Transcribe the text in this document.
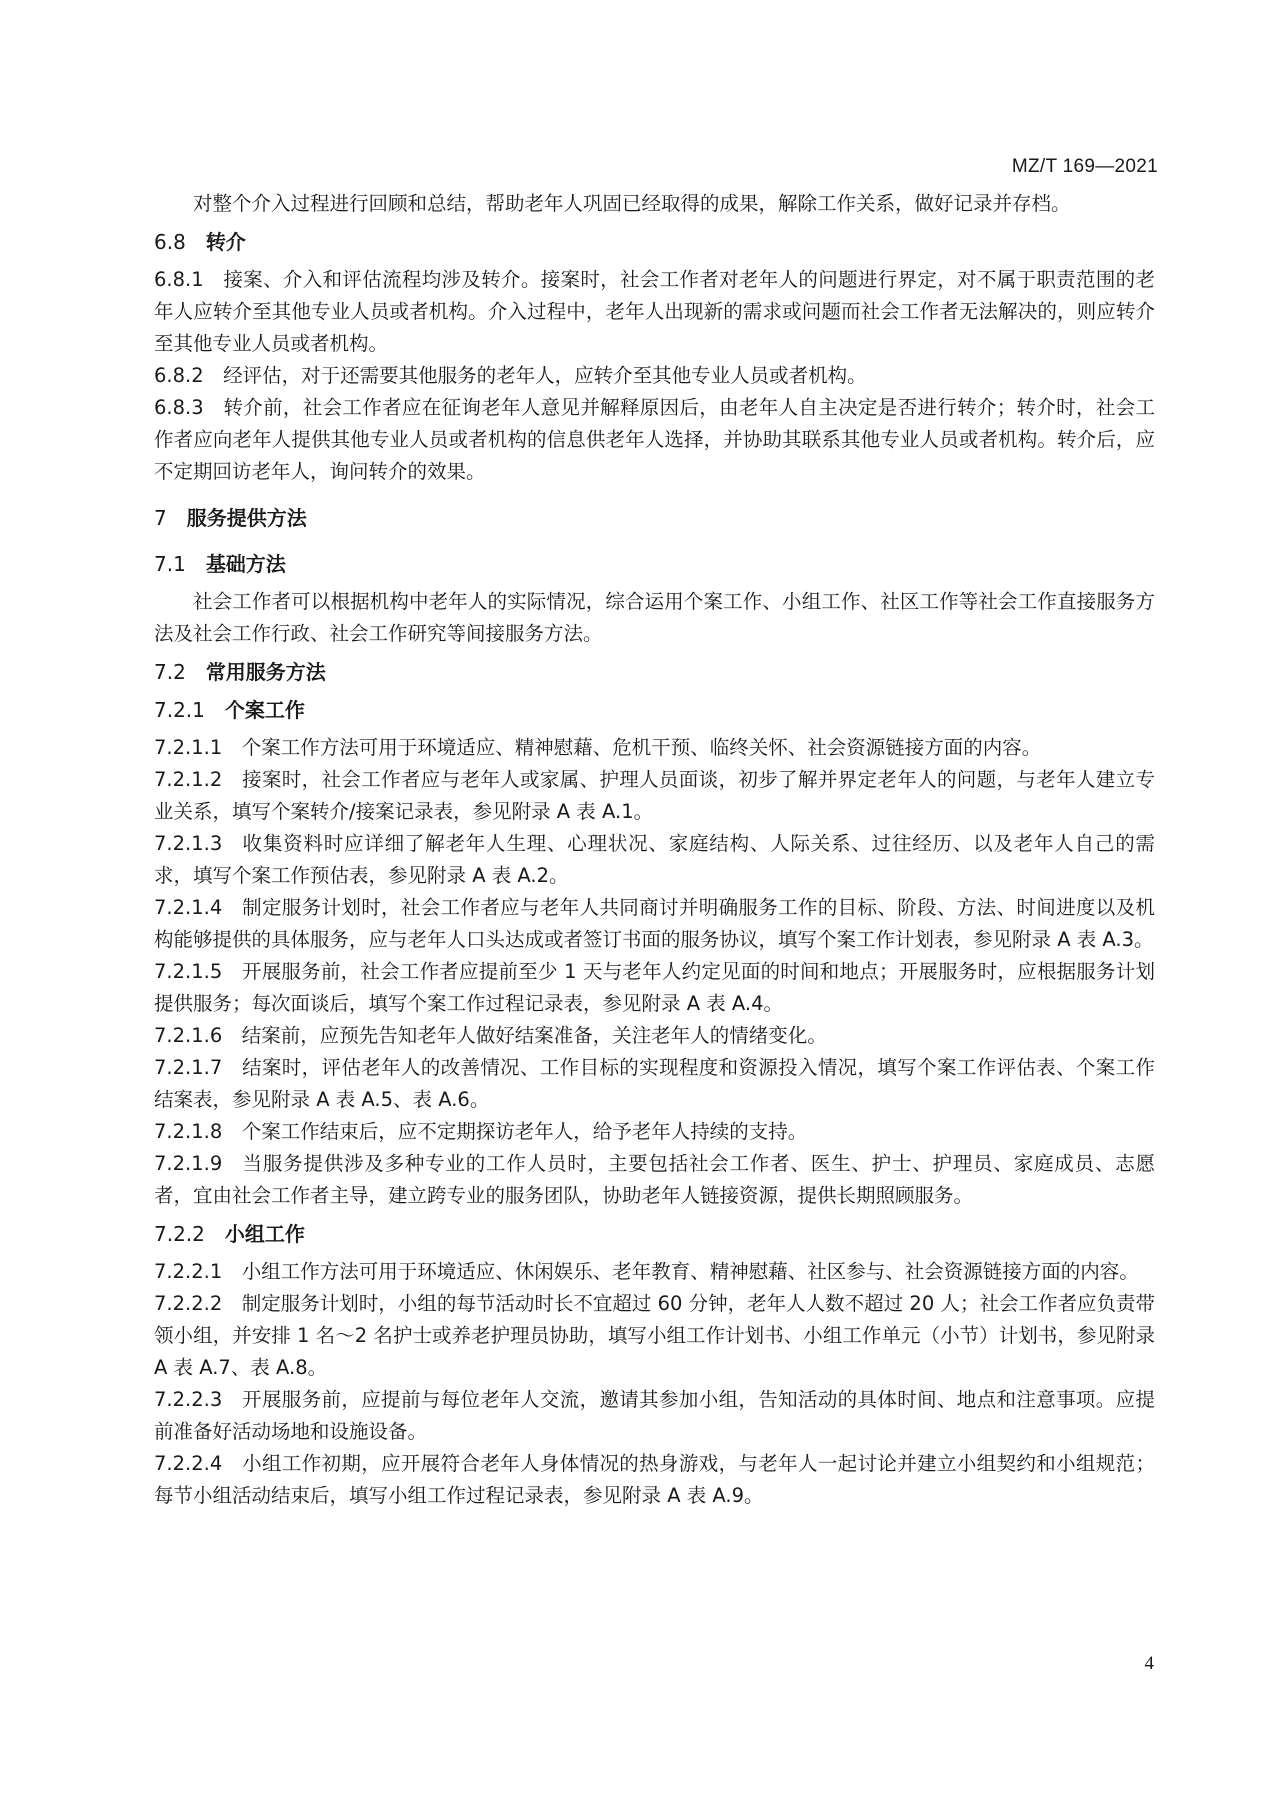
MZ/T 169—2021

对整个介入过程进行回顾和总结，帮助老年人巩固已经取得的成果，解除工作关系，做好记录并存档。

6.8  转介

6.8.1  接案、介入和评估流程均涉及转介。接案时，社会工作者对老年人的问题进行界定，对不属于职责范围的老年人应转介至其他专业人员或者机构。介入过程中，老年人出现新的需求或问题而社会工作者无法解决的，则应转介至其他专业人员或者机构。

6.8.2  经评估，对于还需要其他服务的老年人，应转介至其他专业人员或者机构。

6.8.3  转介前，社会工作者应在征询老年人意见并解释原因后，由老年人自主决定是否进行转介；转介时，社会工作者应向老年人提供其他专业人员或者机构的信息供老年人选择，并协助其联系其他专业人员或者机构。转介后，应不定期回访老年人，询问转介的效果。

7  服务提供方法

7.1  基础方法

社会工作者可以根据机构中老年人的实际情况，综合运用个案工作、小组工作、社区工作等社会工作直接服务方法及社会工作行政、社会工作研究等间接服务方法。

7.2  常用服务方法

7.2.1  个案工作

7.2.1.1  个案工作方法可用于环境适应、精神慰藉、危机干预、临终关怀、社会资源链接方面的内容。

7.2.1.2  接案时，社会工作者应与老年人或家属、护理人员面谈，初步了解并界定老年人的问题，与老年人建立专业关系，填写个案转介/接案记录表，参见附录 A 表 A.1。

7.2.1.3  收集资料时应详细了解老年人生理、心理状况、家庭结构、人际关系、过往经历、以及老年人自己的需求，填写个案工作预估表，参见附录 A 表 A.2。

7.2.1.4  制定服务计划时，社会工作者应与老年人共同商讨并明确服务工作的目标、阶段、方法、时间进度以及机构能够提供的具体服务，应与老年人口头达成或者签订书面的服务协议，填写个案工作计划表，参见附录 A 表 A.3。

7.2.1.5  开展服务前，社会工作者应提前至少 1 天与老年人约定见面的时间和地点；开展服务时，应根据服务计划提供服务；每次面谈后，填写个案工作过程记录表，参见附录 A 表 A.4。

7.2.1.6  结案前，应预先告知老年人做好结案准备，关注老年人的情绪变化。

7.2.1.7  结案时，评估老年人的改善情况、工作目标的实现程度和资源投入情况，填写个案工作评估表、个案工作结案表，参见附录 A 表 A.5、表 A.6。

7.2.1.8  个案工作结束后，应不定期探访老年人，给予老年人持续的支持。

7.2.1.9  当服务提供涉及多种专业的工作人员时，主要包括社会工作者、医生、护士、护理员、家庭成员、志愿者，宜由社会工作者主导，建立跨专业的服务团队，协助老年人链接资源，提供长期照顾服务。

7.2.2  小组工作

7.2.2.1  小组工作方法可用于环境适应、休闲娱乐、老年教育、精神慰藉、社区参与、社会资源链接方面的内容。

7.2.2.2  制定服务计划时，小组的每节活动时长不宜超过 60 分钟，老年人人数不超过 20 人；社会工作者应负责带领小组，并安排 1 名～2 名护士或养老护理员协助，填写小组工作计划书、小组工作单元（小节）计划书，参见附录 A 表 A.7、表 A.8。

7.2.2.3  开展服务前，应提前与每位老年人交流，邀请其参加小组，告知活动的具体时间、地点和注意事项。应提前准备好活动场地和设施设备。

7.2.2.4  小组工作初期，应开展符合老年人身体情况的热身游戏，与老年人一起讨论并建立小组契约和小组规范；每节小组活动结束后，填写小组工作过程记录表，参见附录 A 表 A.9。

4
